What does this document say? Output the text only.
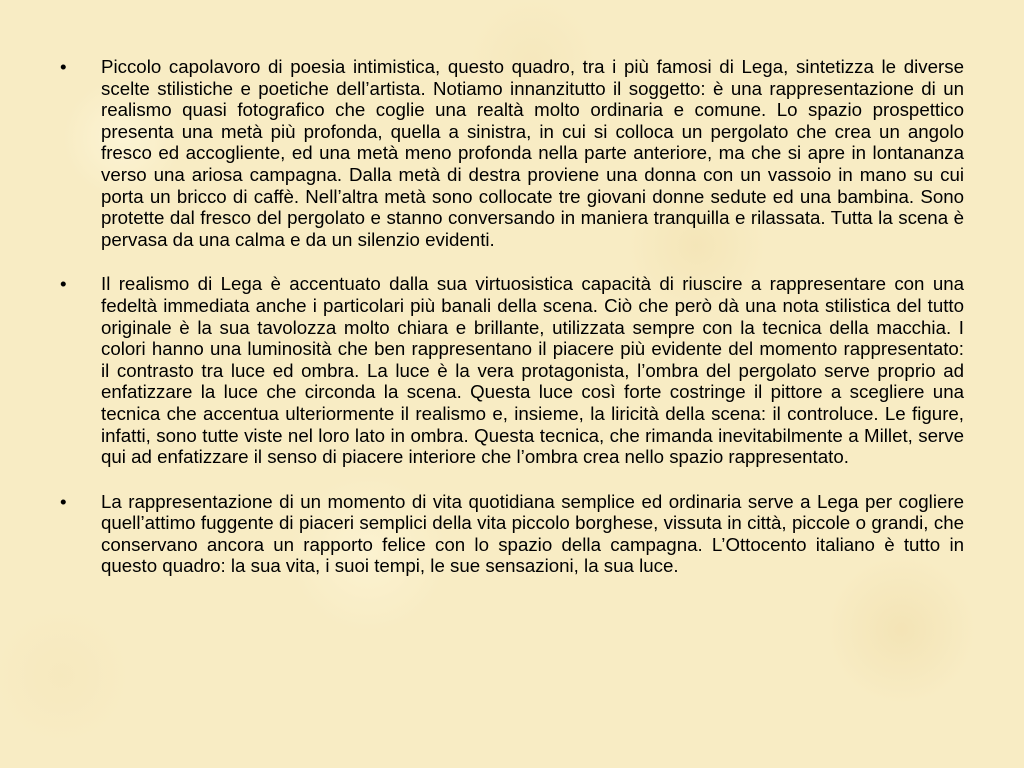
• Piccolo capolavoro di poesia intimistica, questo quadro, tra i più famosi di Lega, sintetizza le diverse scelte stilistiche e poetiche dell’artista. Notiamo innanzitutto il soggetto: è una rappresentazione di un realismo quasi fotografico che coglie una realtà molto ordinaria e comune. Lo spazio prospettico presenta una metà più profonda, quella a sinistra, in cui si colloca un pergolato che crea un angolo fresco ed accogliente, ed una metà meno profonda nella parte anteriore, ma che si apre in lontananza verso una ariosa campagna. Dalla metà di destra proviene una donna con un vassoio in mano su cui porta un bricco di caffè. Nell’altra metà sono collocate tre giovani donne sedute ed una bambina. Sono protette dal fresco del pergolato e stanno conversando in maniera tranquilla e rilassata. Tutta la scena è pervasa da una calma e da un silenzio evidenti.
• Il realismo di Lega è accentuato dalla sua virtuosistica capacità di riuscire a rappresentare con una fedeltà immediata anche i particolari più banali della scena. Ciò che però dà una nota stilistica del tutto originale è la sua tavolozza molto chiara e brillante, utilizzata sempre con la tecnica della macchia. I colori hanno una luminosità che ben rappresentano il piacere più evidente del momento rappresentato: il contrasto tra luce ed ombra. La luce è la vera protagonista, l’ombra del pergolato serve proprio ad enfatizzare la luce che circonda la scena. Questa luce così forte costringe il pittore a scegliere una tecnica che accentua ulteriormente il realismo e, insieme, la liricità della scena: il controluce. Le figure, infatti, sono tutte viste nel loro lato in ombra. Questa tecnica, che rimanda inevitabilmente a Millet, serve qui ad enfatizzare il senso di piacere interiore che l’ombra crea nello spazio rappresentato.
• La rappresentazione di un momento di vita quotidiana semplice ed ordinaria serve a Lega per cogliere quell’attimo fuggente di piaceri semplici della vita piccolo borghese, vissuta in città, piccole o grandi, che conservano ancora un rapporto felice con lo spazio della campagna. L’Ottocento italiano è tutto in questo quadro: la sua vita, i suoi tempi, le sue sensazioni, la sua luce.
